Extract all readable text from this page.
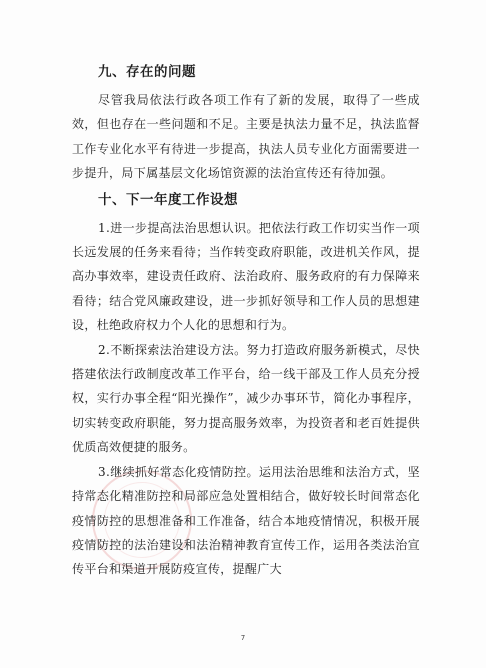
九、存在的问题

尽管我局依法行政各项工作有了新的发展，取得了一些成效，但也存在一些问题和不足。主要是执法力量不足，执法监督工作专业化水平有待进一步提高，执法人员专业化方面需要进一步提升，局下属基层文化场馆资源的法治宣传还有待加强。

十、下一年度工作设想

1.进一步提高法治思想认识。把依法行政工作切实当作一项长远发展的任务来看待；当作转变政府职能，改进机关作风，提高办事效率，建设责任政府、法治政府、服务政府的有力保障来看待；结合党风廉政建设，进一步抓好领导和工作人员的思想建设，杜绝政府权力个人化的思想和行为。

2.不断探索法治建设方法。努力打造政府服务新模式，尽快搭建依法行政制度改革工作平台，给一线干部及工作人员充分授权，实行办事全程“阳光操作”，减少办事环节，简化办事程序，切实转变政府职能，努力提高服务效率，为投资者和老百姓提供优质高效便捷的服务。

3.继续抓好常态化疫情防控。运用法治思维和法治方式，坚持常态化精准防控和局部应急处置相结合，做好较长时间常态化疫情防控的思想准备和工作准备，结合本地疫情情况，积极开展疫情防控的法治建设和法治精神教育宣传工作，运用各类法治宣传平台和渠道开展防疫宣传，提醒广大

7
